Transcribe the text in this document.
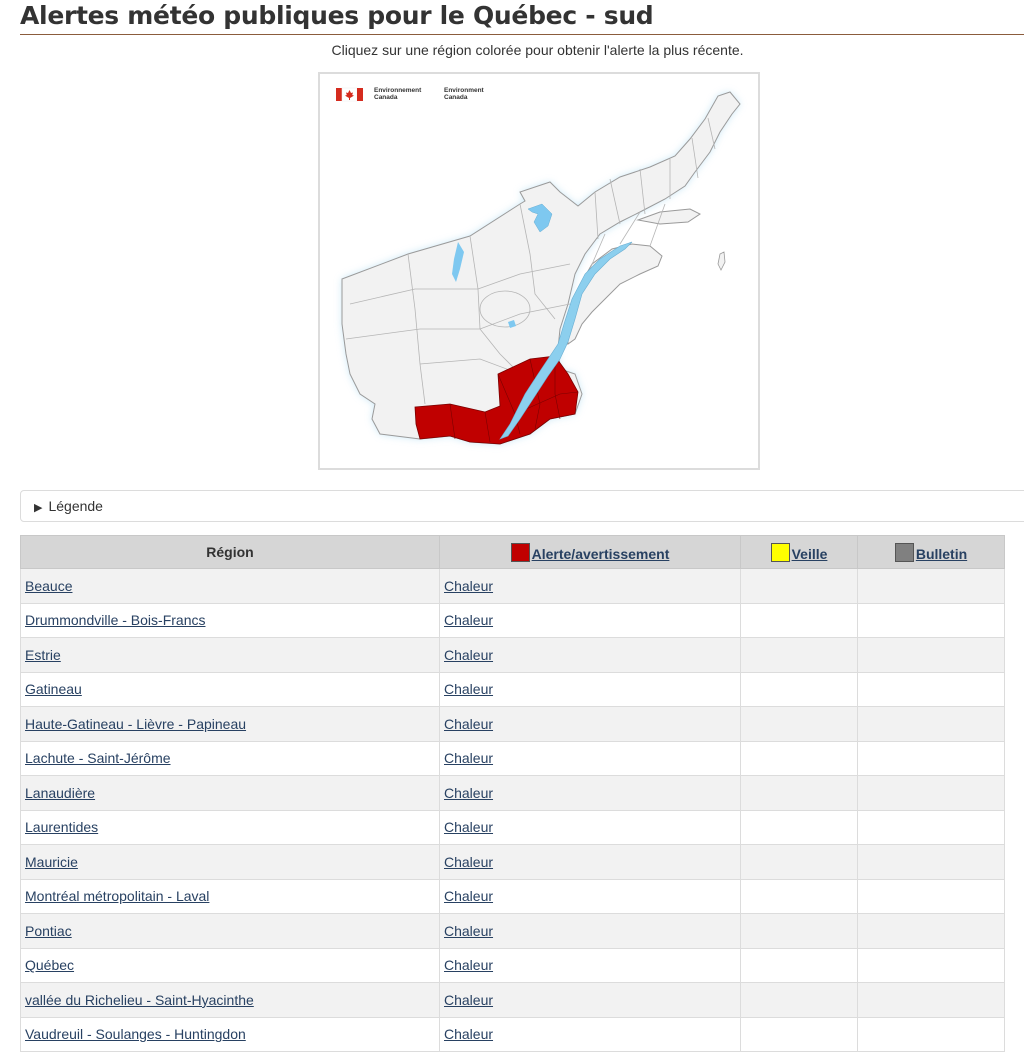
Alertes météo publiques pour le Québec - sud
Cliquez sur une région colorée pour obtenir l'alerte la plus récente.
Environnement
Canada
Environment
Canada
▶ Légende
Région	Alerte/avertissement	Veille	Bulletin
Beauce	Chaleur		
Drummondville - Bois-Francs	Chaleur		
Estrie	Chaleur		
Gatineau	Chaleur		
Haute-Gatineau - Lièvre - Papineau	Chaleur		
Lachute - Saint-Jérôme	Chaleur		
Lanaudière	Chaleur		
Laurentides	Chaleur		
Mauricie	Chaleur		
Montréal métropolitain - Laval	Chaleur		
Pontiac	Chaleur		
Québec	Chaleur		
vallée du Richelieu - Saint-Hyacinthe	Chaleur		
Vaudreuil - Soulanges - Huntingdon	Chaleur		
